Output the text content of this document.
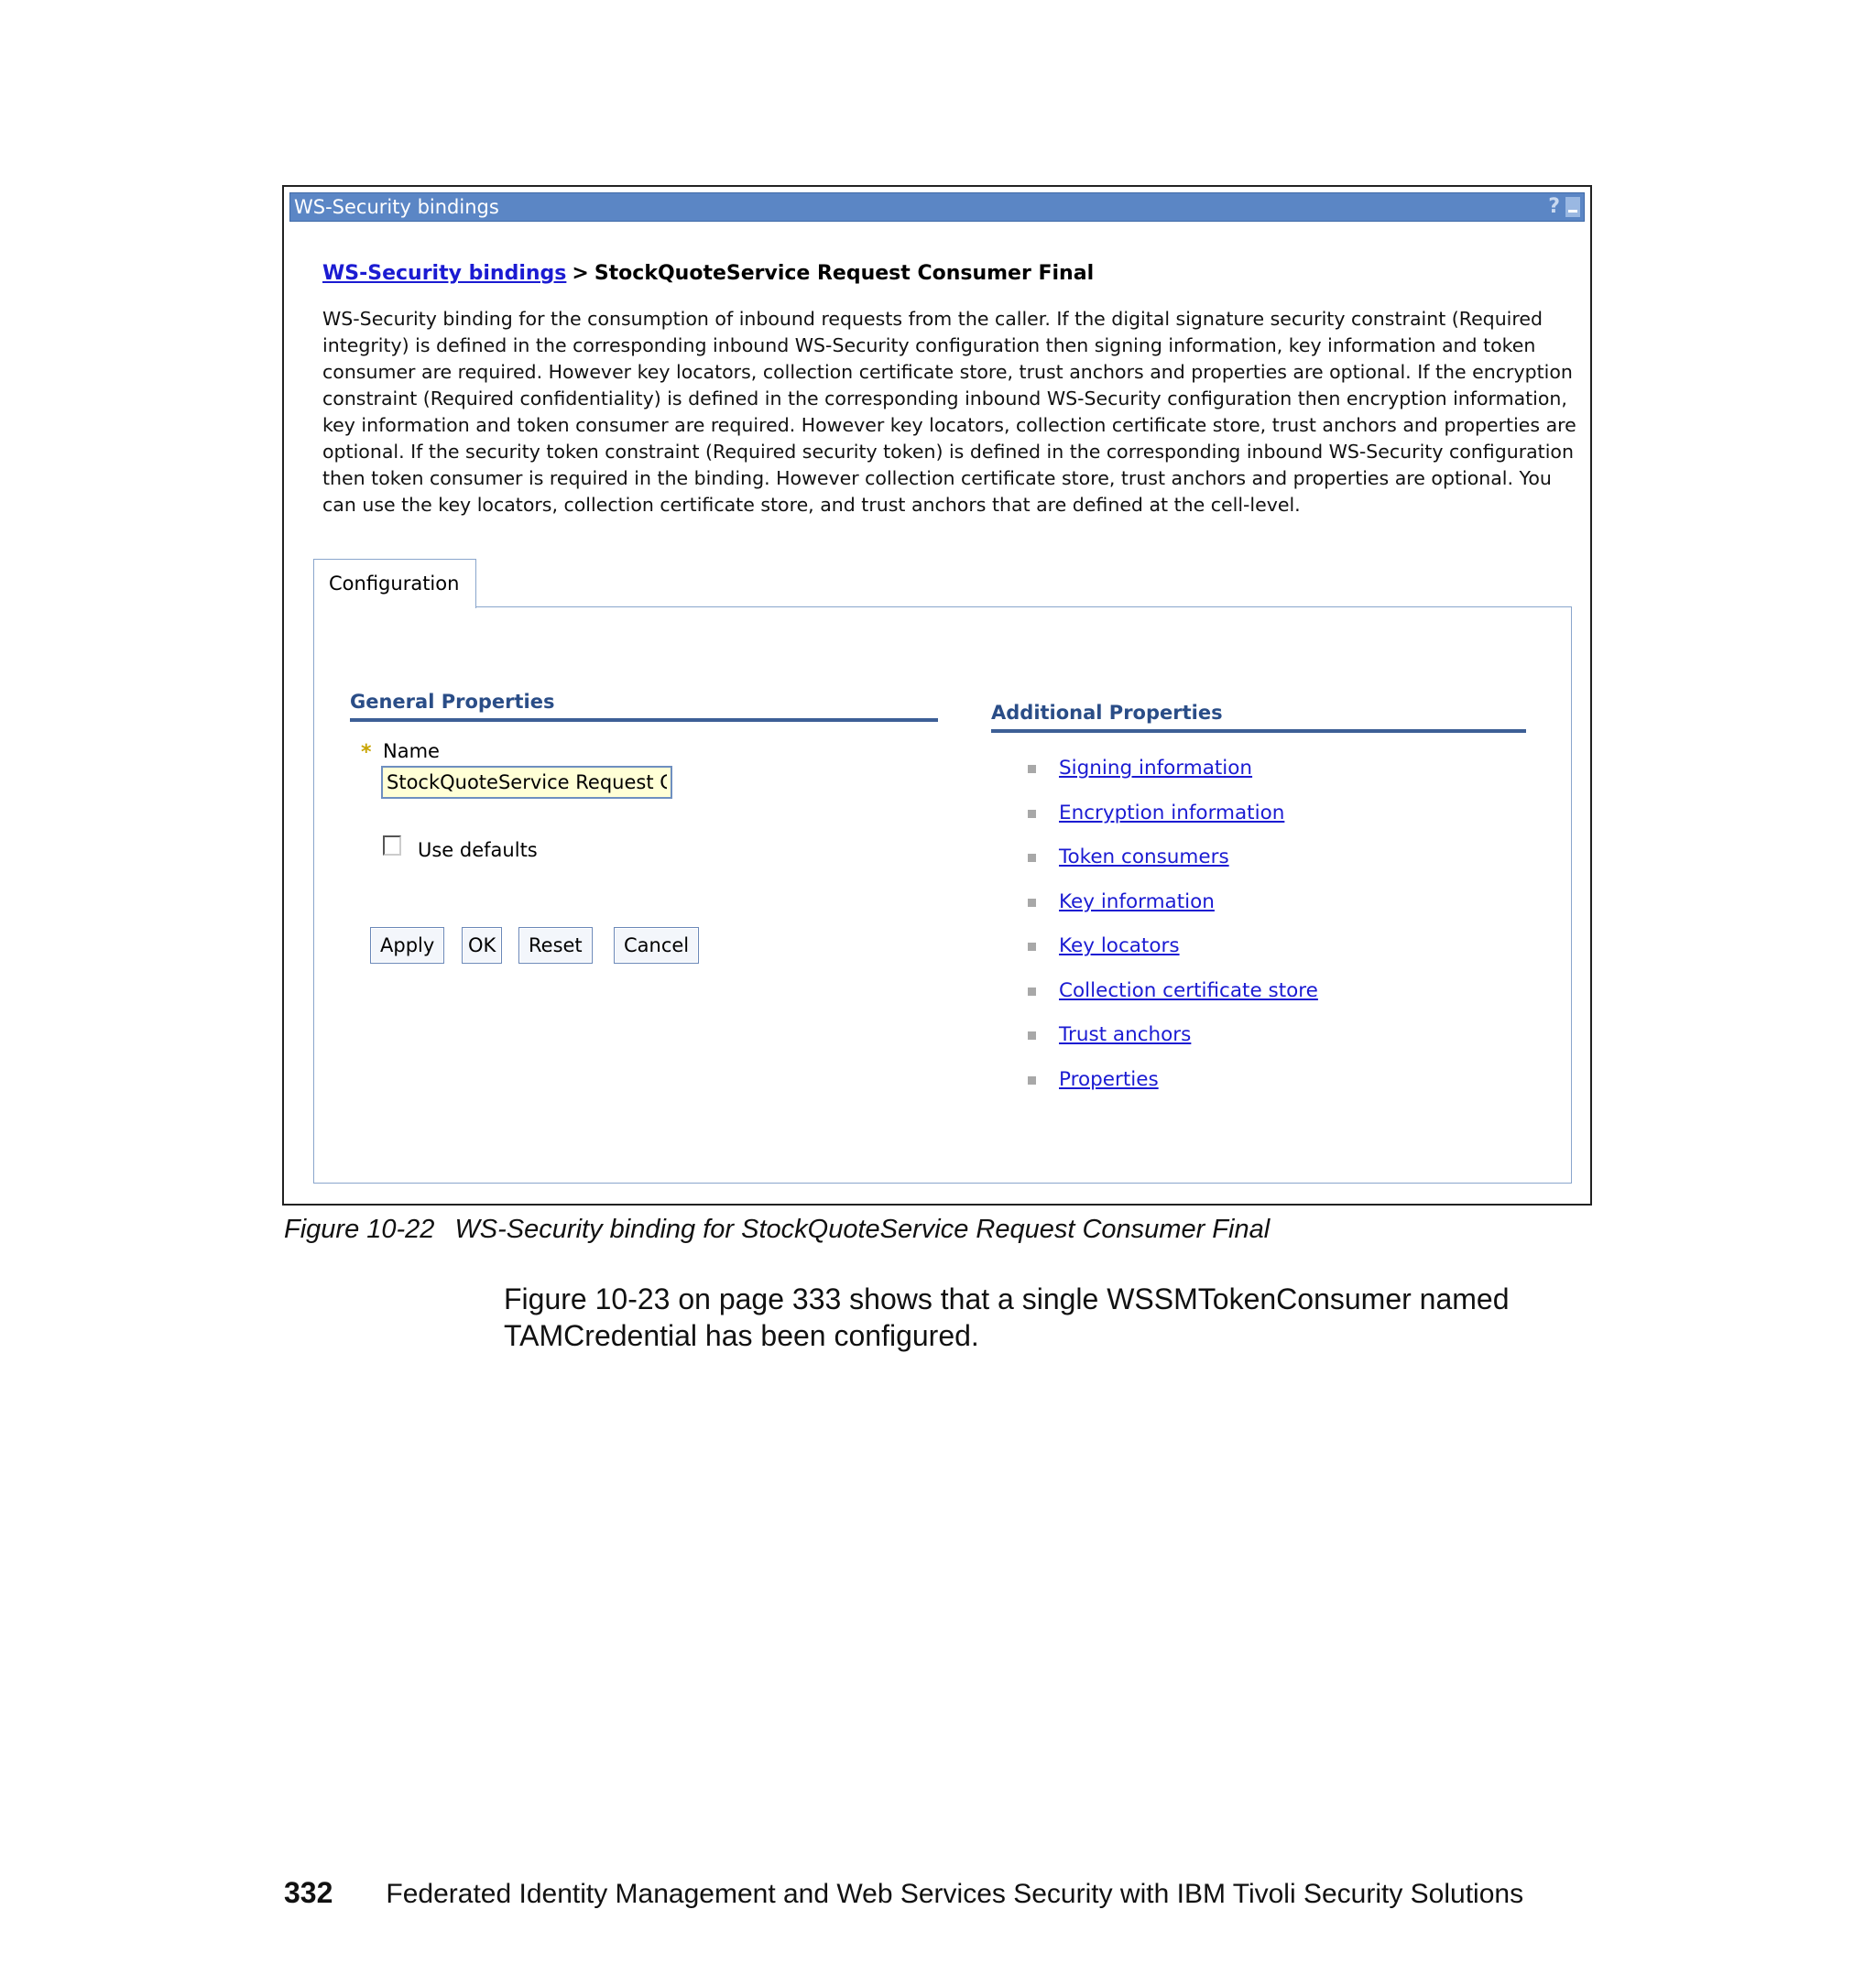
WS-Security bindings	?
WS-Security bindings > StockQuoteService Request Consumer Final
WS-Security binding for the consumption of inbound requests from the caller. If the digital signature security constraint (Required integrity) is defined in the corresponding inbound WS-Security configuration then signing information, key information and token consumer are required. However key locators, collection certificate store, trust anchors and properties are optional. If the encryption constraint (Required confidentiality) is defined in the corresponding inbound WS-Security configuration then encryption information, key information and token consumer are required. However key locators, collection certificate store, trust anchors and properties are optional. If the security token constraint (Required security token) is defined in the corresponding inbound WS-Security configuration then token consumer is required in the binding. However collection certificate store, trust anchors and properties are optional. You can use the key locators, collection certificate store, and trust anchors that are defined at the cell-level.
Configuration
General Properties
* Name
StockQuoteService Request Consumer Final
Use defaults
Apply	OK	Reset	Cancel
Additional Properties
Signing information
Encryption information
Token consumers
Key information
Key locators
Collection certificate store
Trust anchors
Properties
Figure 10-22 WS-Security binding for StockQuoteService Request Consumer Final
Figure 10-23 on page 333 shows that a single WSSMTokenConsumer named TAMCredential has been configured.
332 Federated Identity Management and Web Services Security with IBM Tivoli Security Solutions
